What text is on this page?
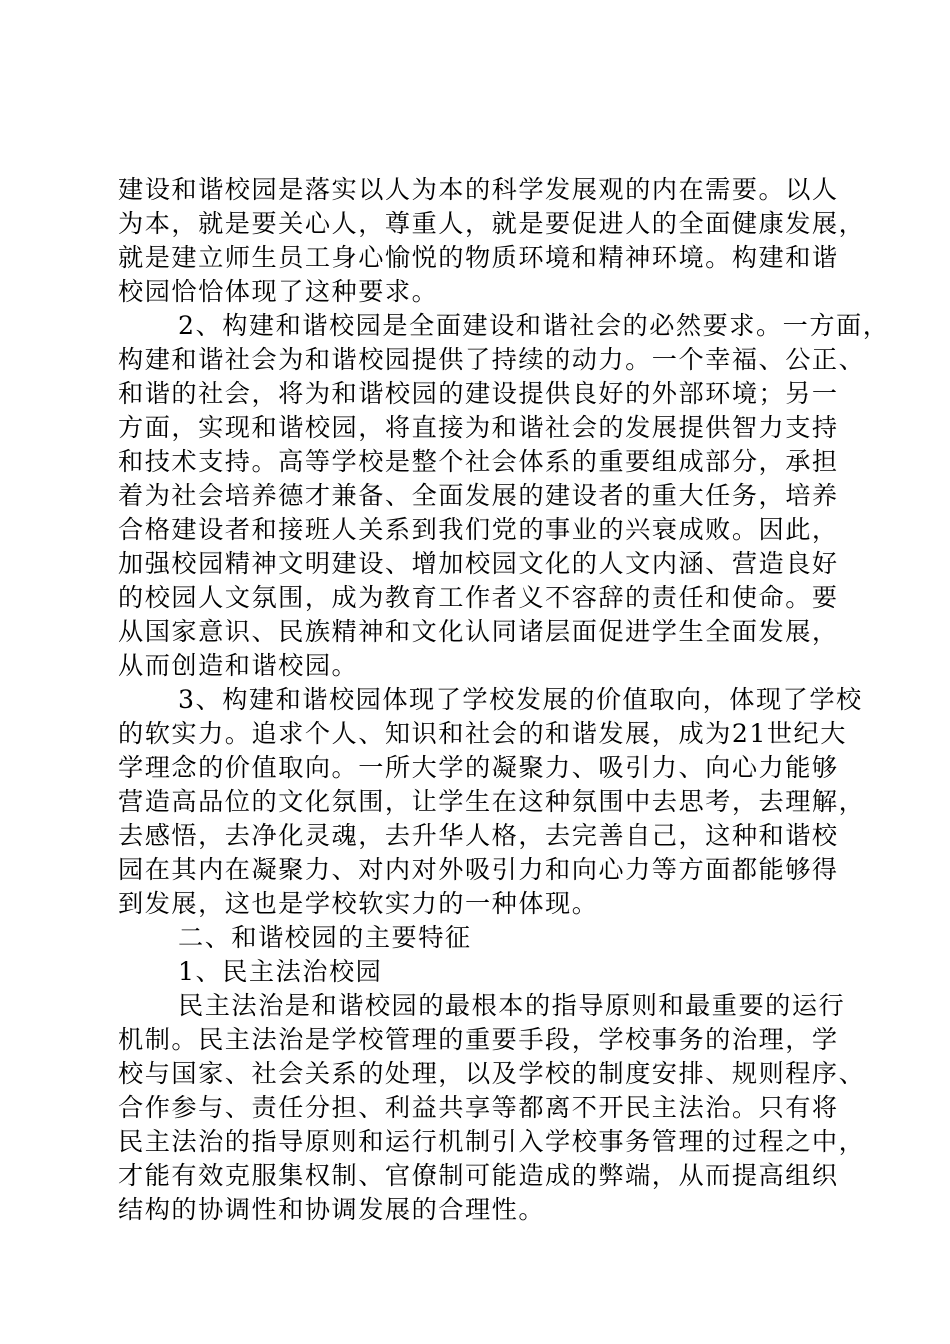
建设和谐校园是落实以人为本的科学发展观的内在需要。以人
为本，就是要关心人，尊重人，就是要促进人的全面健康发展，
就是建立师生员工身心愉悦的物质环境和精神环境。构建和谐
校园恰恰体现了这种要求。
2、构建和谐校园是全面建设和谐社会的必然要求。一方面，
构建和谐社会为和谐校园提供了持续的动力。一个幸福、公正、
和谐的社会，将为和谐校园的建设提供良好的外部环境；另一
方面，实现和谐校园，将直接为和谐社会的发展提供智力支持
和技术支持。高等学校是整个社会体系的重要组成部分，承担
着为社会培养德才兼备、全面发展的建设者的重大任务，培养
合格建设者和接班人关系到我们党的事业的兴衰成败。因此，
加强校园精神文明建设、增加校园文化的人文内涵、营造良好
的校园人文氛围，成为教育工作者义不容辞的责任和使命。要
从国家意识、民族精神和文化认同诸层面促进学生全面发展，
从而创造和谐校园。
3、构建和谐校园体现了学校发展的价值取向，体现了学校
的软实力。追求个人、知识和社会的和谐发展，成为21世纪大
学理念的价值取向。一所大学的凝聚力、吸引力、向心力能够
营造高品位的文化氛围，让学生在这种氛围中去思考，去理解，
去感悟，去净化灵魂，去升华人格，去完善自己，这种和谐校
园在其内在凝聚力、对内对外吸引力和向心力等方面都能够得
到发展，这也是学校软实力的一种体现。
二、和谐校园的主要特征
1、民主法治校园
民主法治是和谐校园的最根本的指导原则和最重要的运行
机制。民主法治是学校管理的重要手段，学校事务的治理，学
校与国家、社会关系的处理，以及学校的制度安排、规则程序、
合作参与、责任分担、利益共享等都离不开民主法治。只有将
民主法治的指导原则和运行机制引入学校事务管理的过程之中，
才能有效克服集权制、官僚制可能造成的弊端，从而提高组织
结构的协调性和协调发展的合理性。
